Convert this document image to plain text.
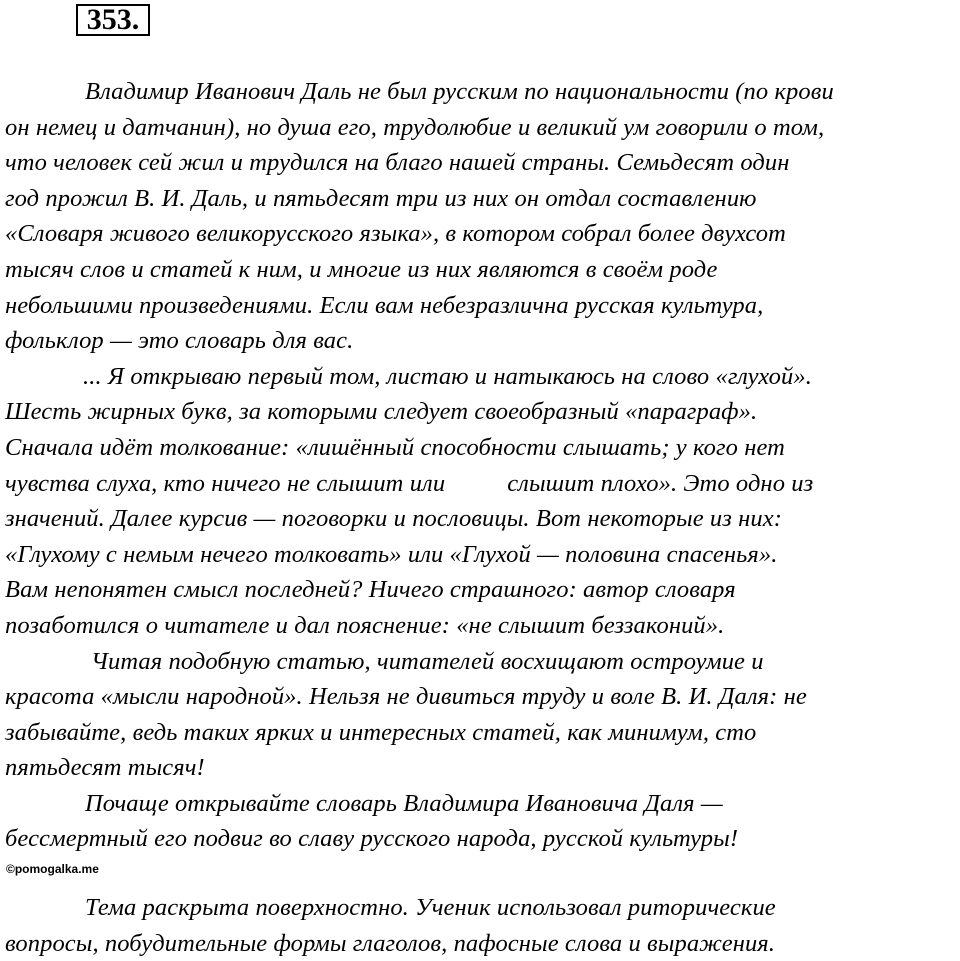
353.
Владимир Иванович Даль не был русским по национальности (по крови
он немец и датчанин), но душа его, трудолюбие и великий ум говорили о том,
что человек сей жил и трудился на благо нашей страны. Семьдесят один
год прожил В. И. Даль, и пятьдесят три из них он отдал составлению
«Словаря живого великорусского языка», в котором собрал более двухсот
тысяч слов и статей к ним, и многие из них являются в своём роде
небольшими произведениями. Если вам небезразлична русская культура,
фольклор — это словарь для вас.
... Я открываю первый том, листаю и натыкаюсь на слово «глухой».
Шесть жирных букв, за которыми следует своеобразный «параграф».
Сначала идёт толкование: «лишённый способности слышать; у кого нет
чувства слуха, кто ничего не слышит или	слышит плохо». Это одно из
значений. Далее курсив — поговорки и пословицы. Вот некоторые из них:
«Глухому с немым нечего толковать» или «Глухой — половина спасенья».
Вам непонятен смысл последней? Ничего страшного: автор словаря
позаботился о читателе и дал пояснение: «не слышит беззаконий».
Читая подобную статью, читателей восхищают остроумие и
красота «мысли народной». Нельзя не дивиться труду и воле В. И. Даля: не
забывайте, ведь таких ярких и интересных статей, как минимум, сто
пятьдесят тысяч!
Почаще открывайте словарь Владимира Ивановича Даля —
бессмертный его подвиг во славу русского народа, русской культуры!
©pomogalka.me
Тема раскрыта поверхностно. Ученик использовал риторические
вопросы, побудительные формы глаголов, пафосные слова и выражения.
